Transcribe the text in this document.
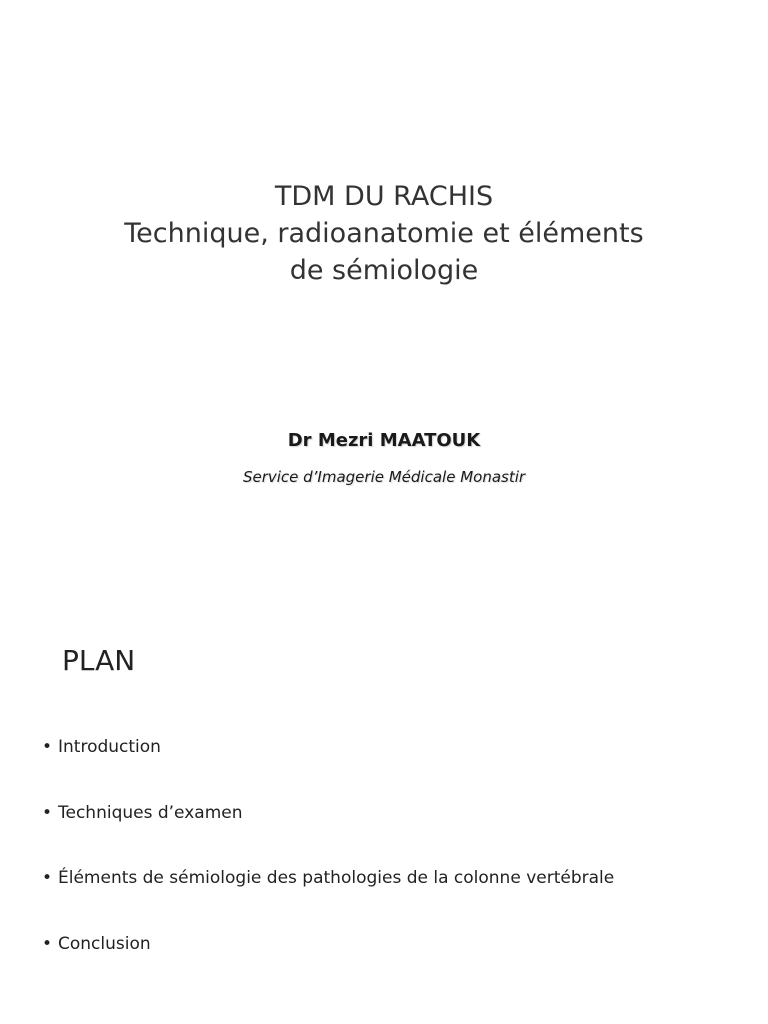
TDM DU RACHIS
Technique, radioanatomie et éléments
de sémiologie
Dr Mezri MAATOUK
Service d’Imagerie Médicale Monastir
PLAN
• Introduction
• Techniques d’examen
• Éléments de sémiologie des pathologies de la colonne vertébrale
• Conclusion
